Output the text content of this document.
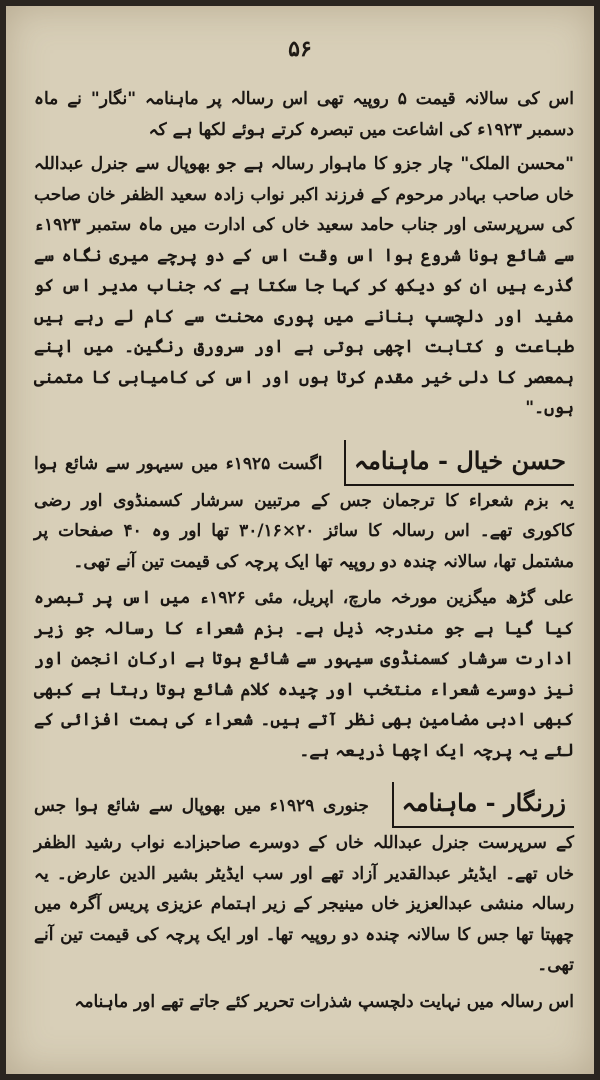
۵۶

اس کی سالانہ قیمت ۵ روپیہ تھی اس رسالہ پر ماہنامہ "نگار" نے ماہ دسمبر ۱۹۲۳ء کی اشاعت میں تبصرہ کرتے ہوئے لکھا ہے کہ

"محسن الملک" چار جزو کا ماہوار رسالہ ہے جو بھوپال سے جنرل عبداللہ خاں صاحب بہادر مرحوم کے فرزند اکبر نواب زادہ سعید الظفر خان صاحب کی سرپرستی اور جناب حامد سعید خاں کی ادارت میں ماہ ستمبر ۱۹۲۳ء سے شائع ہونا شروع ہوا اس وقت اس کے دو پرچے میری نگاہ سے گذرے ہیں ان کو دیکھ کر کہا جا سکتا ہے کہ جناب مدیر اس کو مفید اور دلچسپ بنانے میں پوری محنت سے کام لے رہے ہیں طباعت و کتابت اچھی ہوتی ہے اور سرورق رنگین۔ میں اپنے ہمعصر کا دلی خیر مقدم کرتا ہوں اور اس کی کامیابی کا متمنی ہوں۔"

حسن خیال - ماہنامہ اگست ۱۹۲۵ء میں سیہور سے شائع ہوا یہ بزم شعراء کا ترجمان جس کے مرتبین سرشار کسمنڈوی اور رضی کاکوری تھے۔ اس رسالہ کا سائز ۲۰×۳۰/۱۶ تھا اور وہ ۴۰ صفحات پر مشتمل تھا، سالانہ چندہ دو روپیہ تھا ایک پرچہ کی قیمت تین آنے تھی۔

علی گڑھ میگزین مورخہ مارچ، اپریل، مئی ۱۹۲۶ء میں اس پر تبصرہ کیا گیا ہے جو مندرجہ ذیل ہے۔ بزم شعراء کا رسالہ جو زیر ادارت سرشار کسمنڈوی سیہور سے شائع ہوتا ہے ارکان انجمن اور نیز دوسرے شعراء منتخب اور چیدہ کلام شائع ہوتا رہتا ہے کبھی کبھی ادبی مضامین بھی نظر آتے ہیں۔ شعراء کی ہمت افزائی کے لئے یہ پرچہ ایک اچھا ذریعہ ہے۔

زرنگار - ماہنامہ جنوری ۱۹۲۹ء میں بھوپال سے شائع ہوا جس کے سرپرست جنرل عبداللہ خاں کے دوسرے صاحبزادے نواب رشید الظفر خاں تھے۔ ایڈیٹر عبدالقدیر آزاد تھے اور سب ایڈیٹر بشیر الدین عارض۔ یہ رسالہ منشی عبدالعزیز خاں مینیجر کے زیر اہتمام عزیزی پریس آگرہ میں چھپتا تھا جس کا سالانہ چندہ دو روپیہ تھا۔ اور ایک پرچہ کی قیمت تین آنے تھی۔

اس رسالہ میں نہایت دلچسپ شذرات تحریر کئے جاتے تھے اور ماہنامہ
